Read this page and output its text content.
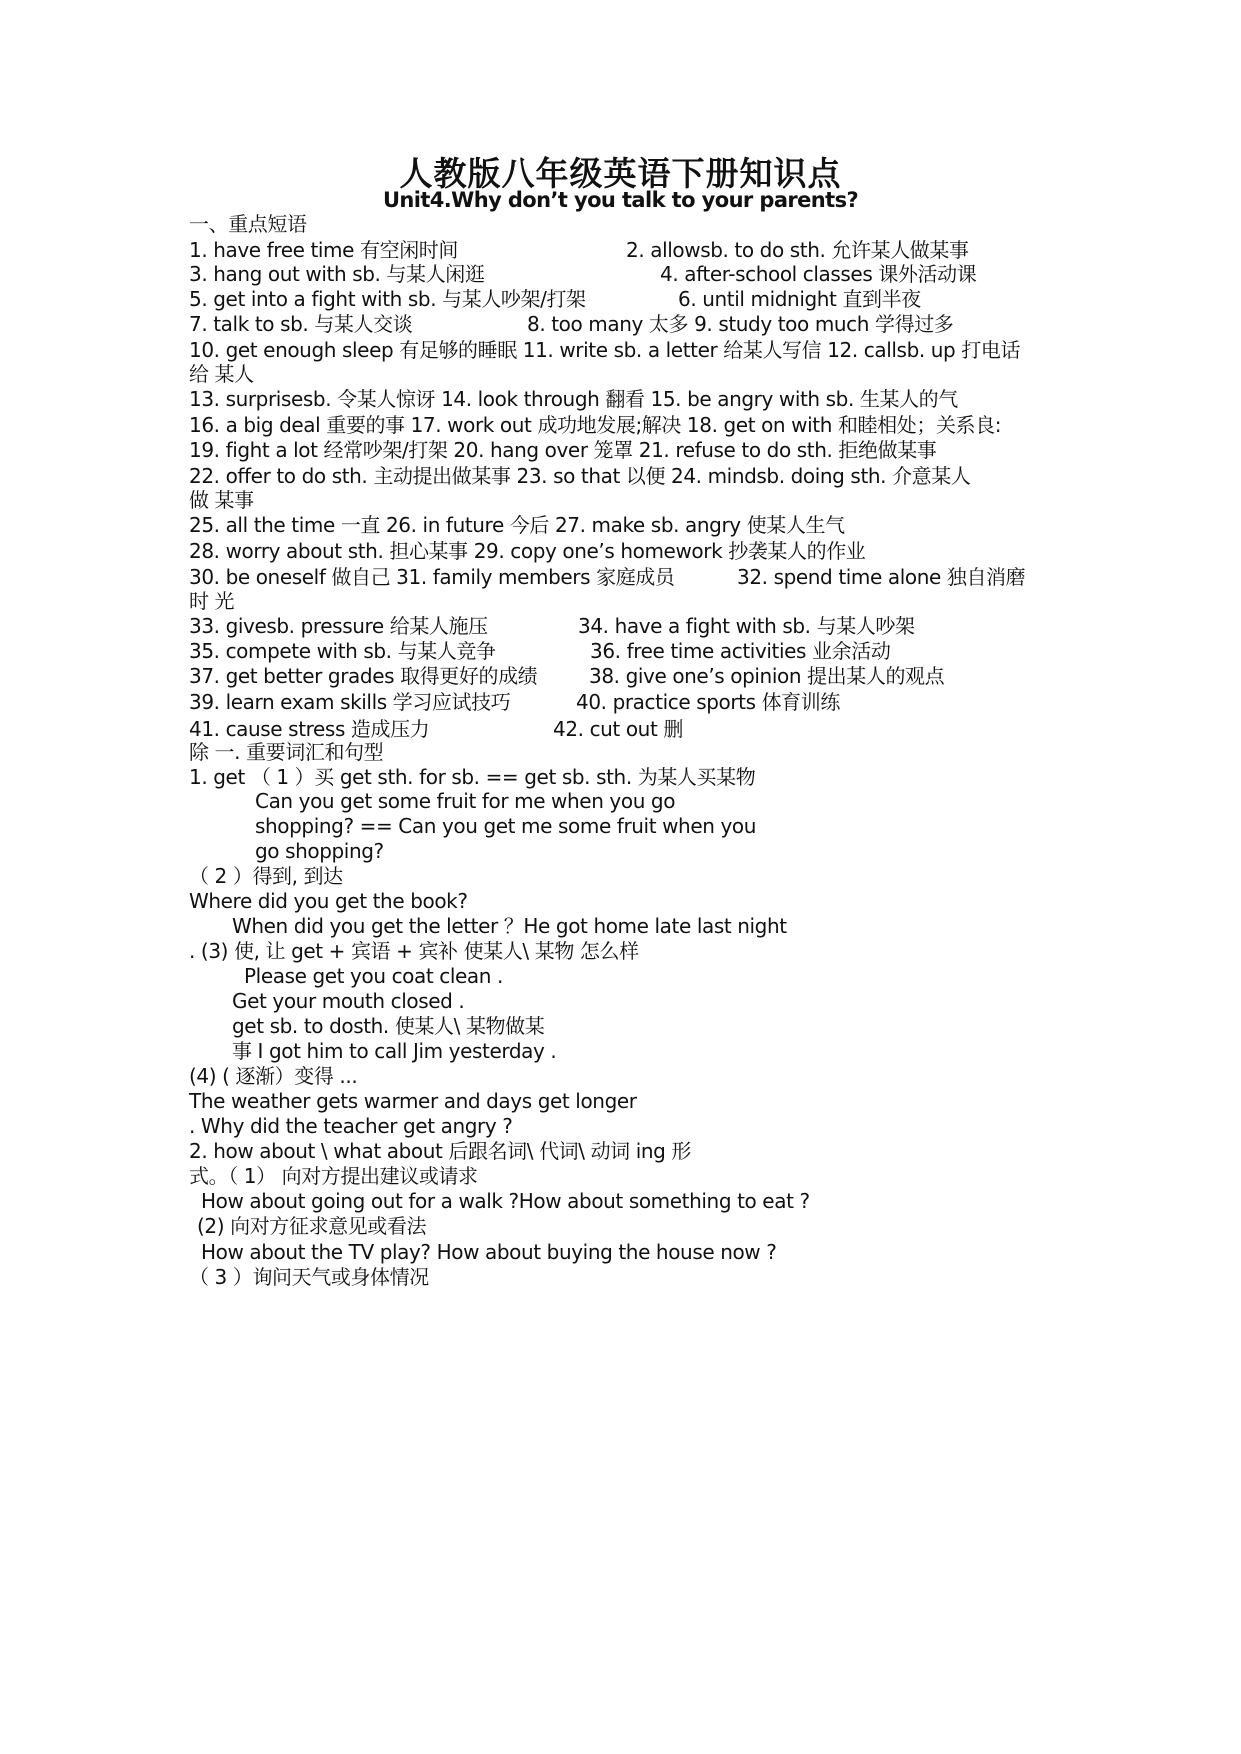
人教版八年级英语下册知识点
Unit4.Why don’t you talk to your parents?
一、重点短语
1. have free time 有空闲时间	2. allowsb. to do sth. 允许某人做某事
3. hang out with sb. 与某人闲逛	4. after-school classes 课外活动课
5. get into a fight with sb. 与某人吵架/打架	6. until midnight 直到半夜
7. talk to sb. 与某人交谈	8. too many 太多 9. study too much 学得过多
10. get enough sleep 有足够的睡眠 11. write sb. a letter 给某人写信 12. callsb. up 打电话
给 某人
13. surprisesb. 令某人惊讶 14. look through 翻看 15. be angry with sb. 生某人的气
16. a big deal 重要的事 17. work out 成功地发展;解决 18. get on with 和睦相处；关系良:
19. fight a lot 经常吵架/打架 20. hang over 笼罩 21. refuse to do sth. 拒绝做某事
22. offer to do sth. 主动提出做某事 23. so that 以便 24. mindsb. doing sth. 介意某人
做 某事
25. all the time 一直 26. in future 今后 27. make sb. angry 使某人生气
28. worry about sth. 担心某事 29. copy one’s homework 抄袭某人的作业
30. be oneself 做自己 31. family members 家庭成员	32. spend time alone 独自消磨
时 光
33. givesb. pressure 给某人施压	34. have a fight with sb. 与某人吵架
35. compete with sb. 与某人竞争	36. free time activities 业余活动
37. get better grades 取得更好的成绩	38. give one’s opinion 提出某人的观点
39. learn exam skills 学习应试技巧	40. practice sports 体育训练
41. cause stress 造成压力	42. cut out 删
除 一. 重要词汇和句型
1. get （ 1 ）买 get sth. for sb. == get sb. sth. 为某人买某物
Can you get some fruit for me when you go
shopping? == Can you get me some fruit when you
go shopping?
（ 2 ）得到, 到达
Where did you get the book?
When did you get the letter ？He got home late last night
. (3) 使, 让 get + 宾语 + 宾补 使某人\ 某物 怎么样
Please get you coat clean .
Get your mouth closed .
get sb. to dosth. 使某人\ 某物做某
事 I got him to call Jim yesterday .
(4) ( 逐渐）变得 ...
The weather gets warmer and days get longer
. Why did the teacher get angry ?
2. how about \ what about 后跟名词\ 代词\ 动词 ing 形
式。（ 1） 向对方提出建议或请求
How about going out for a walk ?How about something to eat ?
(2) 向对方征求意见或看法
How about the TV play? How about buying the house now ?
（ 3 ）询问天气或身体情况
